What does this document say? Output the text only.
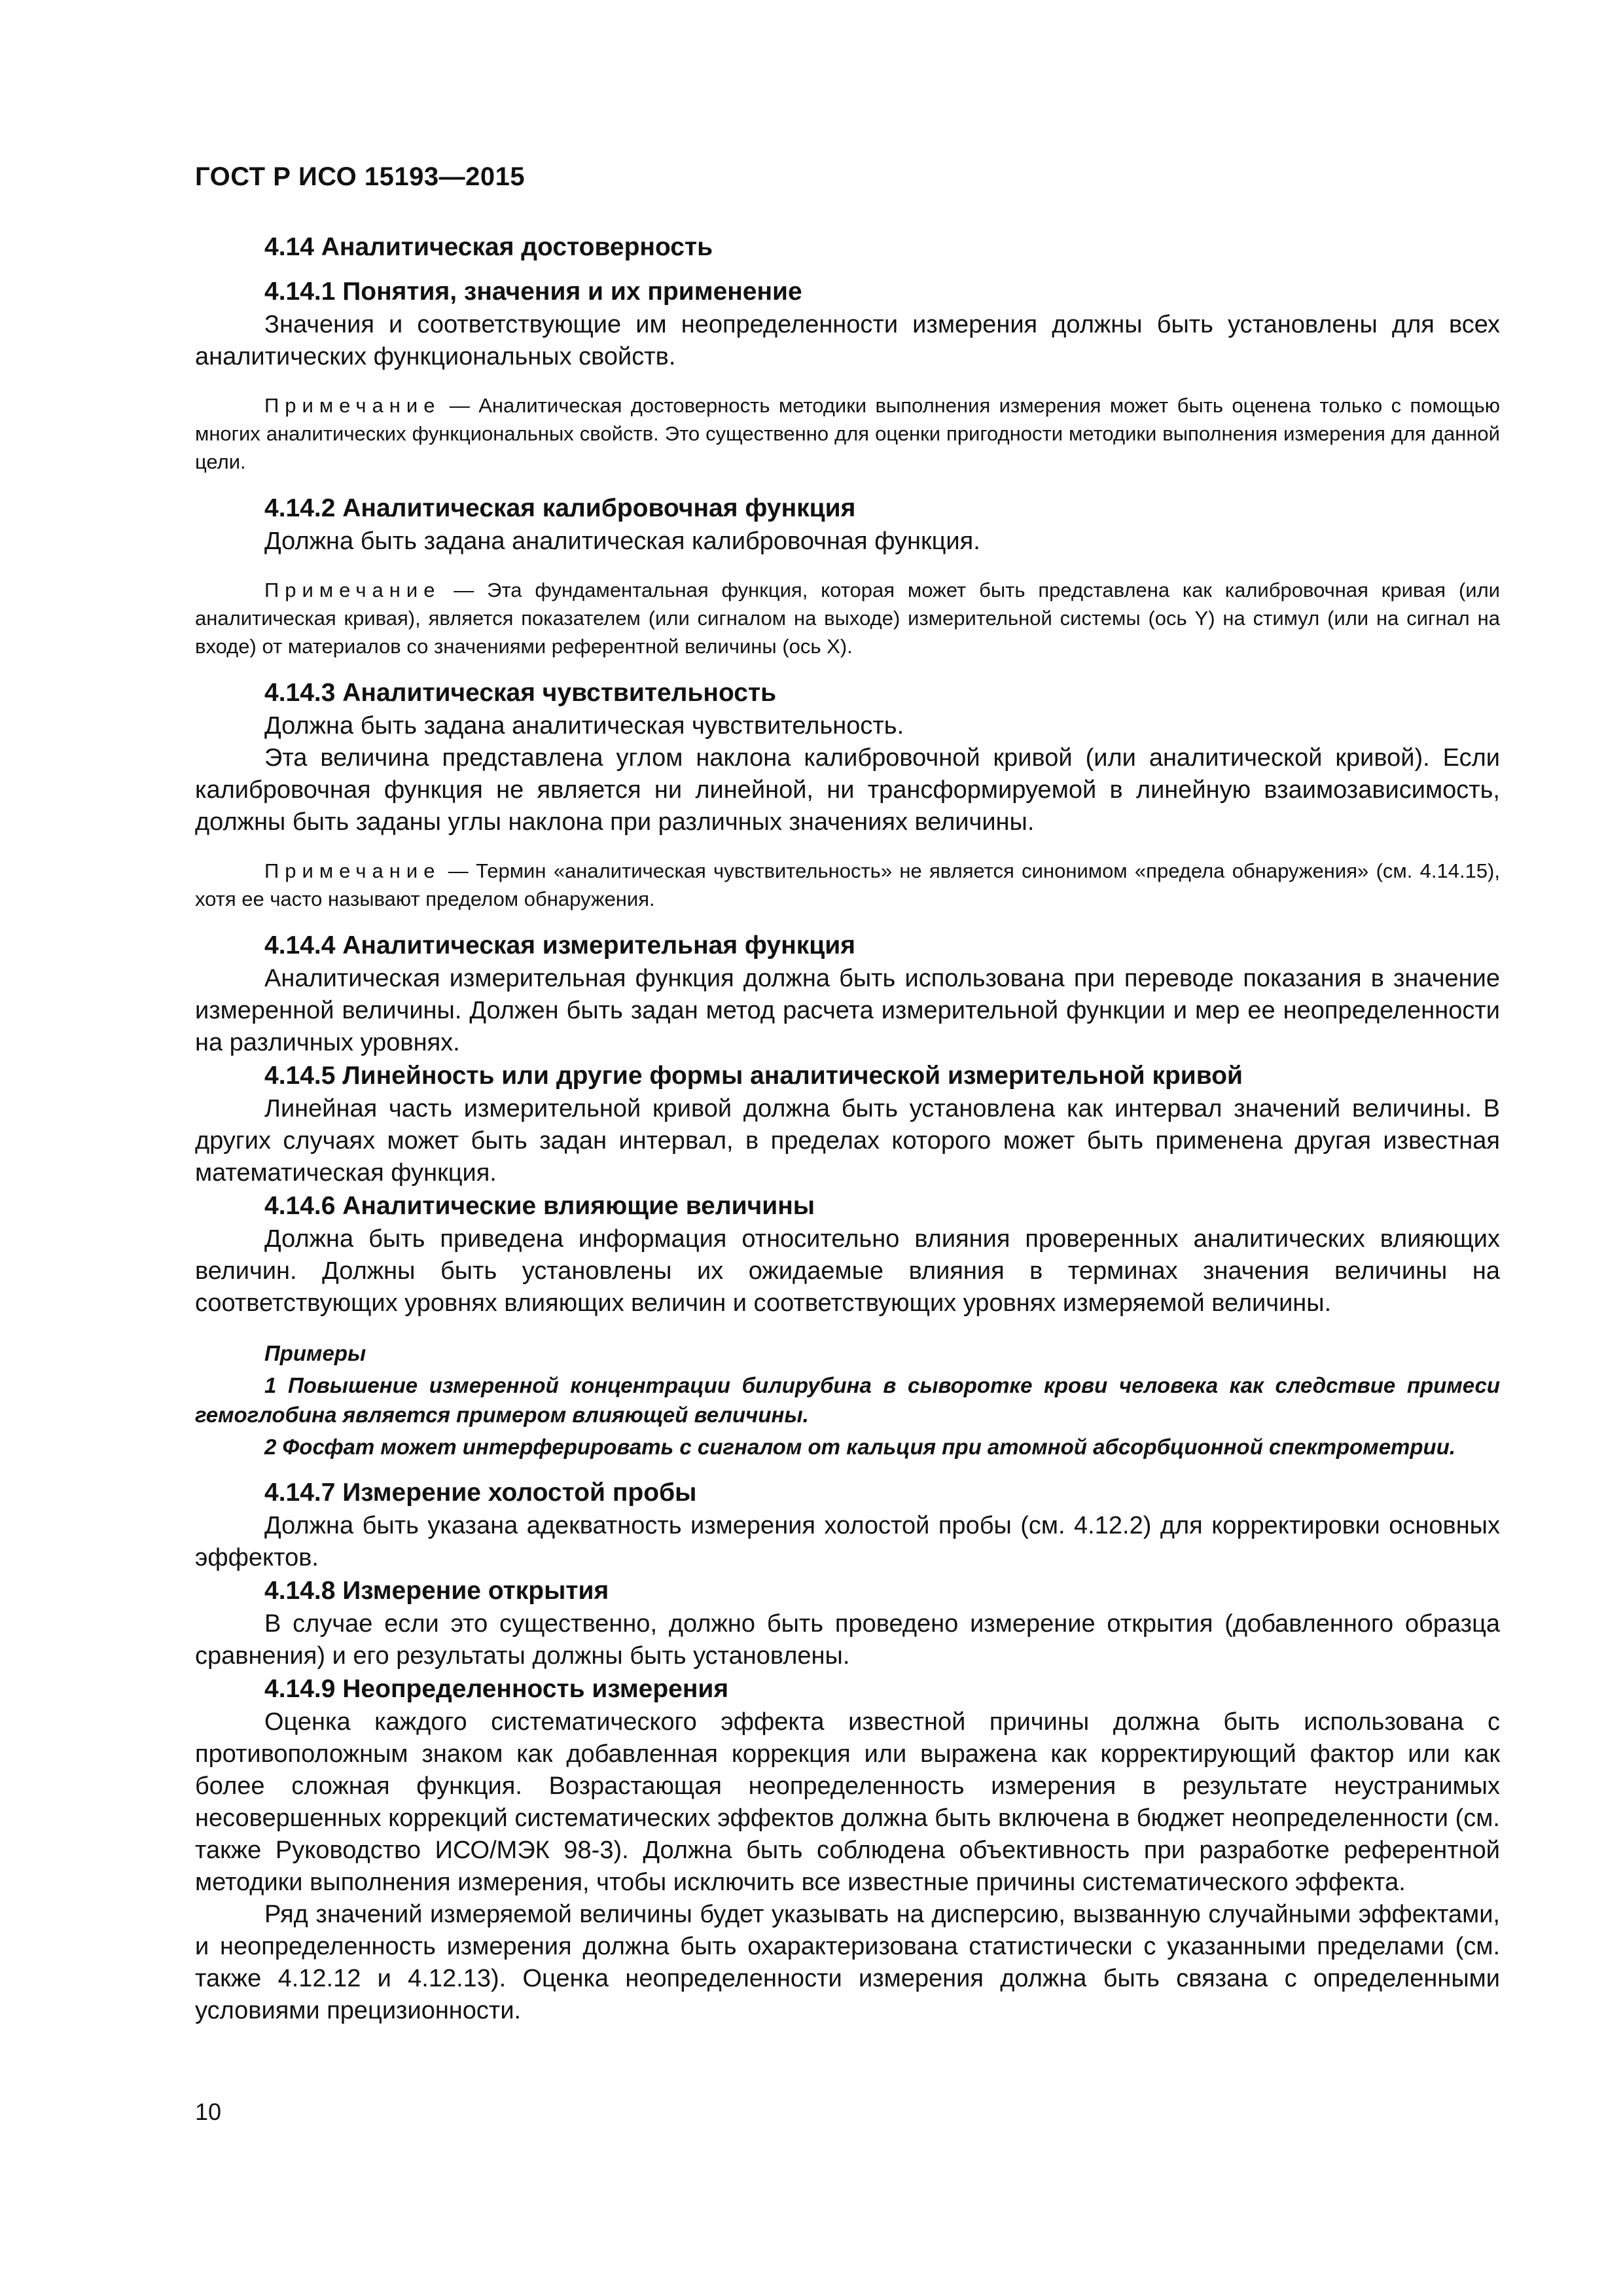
ГОСТ Р ИСО 15193—2015
4.14 Аналитическая достоверность
4.14.1 Понятия, значения и их применение

Значения и соответствующие им неопределенности измерения должны быть установлены для всех аналитических функциональных свойств.

Примечание — Аналитическая достоверность методики выполнения измерения может быть оценена только с помощью многих аналитических функциональных свойств. Это существенно для оценки пригодности методики выполнения измерения для данной цели.

4.14.2 Аналитическая калибровочная функция

Должна быть задана аналитическая калибровочная функция.

Примечание — Эта фундаментальная функция, которая может быть представлена как калибровочная кривая (или аналитическая кривая), является показателем (или сигналом на выходе) измерительной системы (ось Y) на стимул (или на сигнал на входе) от материалов со значениями референтной величины (ось X).

4.14.3 Аналитическая чувствительность

Должна быть задана аналитическая чувствительность.

Эта величина представлена углом наклона калибровочной кривой (или аналитической кривой). Если калибровочная функция не является ни линейной, ни трансформируемой в линейную взаимозависимость, должны быть заданы углы наклона при различных значениях величины.

Примечание — Термин «аналитическая чувствительность» не является синонимом «предела обнаружения» (см. 4.14.15), хотя ее часто называют пределом обнаружения.

4.14.4 Аналитическая измерительная функция

Аналитическая измерительная функция должна быть использована при переводе показания в значение измеренной величины. Должен быть задан метод расчета измерительной функции и мер ее неопределенности на различных уровнях.

4.14.5 Линейность или другие формы аналитической измерительной кривой

Линейная часть измерительной кривой должна быть установлена как интервал значений величины. В других случаях может быть задан интервал, в пределах которого может быть применена другая известная математическая функция.

4.14.6 Аналитические влияющие величины

Должна быть приведена информация относительно влияния проверенных аналитических влияющих величин. Должны быть установлены их ожидаемые влияния в терминах значения величины на соответствующих уровнях влияющих величин и соответствующих уровнях измеряемой величины.

Примеры

1 Повышение измеренной концентрации билирубина в сыворотке крови человека как следствие примеси гемоглобина является примером влияющей величины.

2 Фосфат может интерферировать с сигналом от кальция при атомной абсорбционной спектрометрии.

4.14.7 Измерение холостой пробы

Должна быть указана адекватность измерения холостой пробы (см. 4.12.2) для корректировки основных эффектов.

4.14.8 Измерение открытия

В случае если это существенно, должно быть проведено измерение открытия (добавленного образца сравнения) и его результаты должны быть установлены.

4.14.9 Неопределенность измерения

Оценка каждого систематического эффекта известной причины должна быть использована с противоположным знаком как добавленная коррекция или выражена как корректирующий фактор или как более сложная функция. Возрастающая неопределенность измерения в результате неустранимых несовершенных коррекций систематических эффектов должна быть включена в бюджет неопределенности (см. также Руководство ИСО/МЭК 98-3). Должна быть соблюдена объективность при разработке референтной методики выполнения измерения, чтобы исключить все известные причины систематического эффекта.

Ряд значений измеряемой величины будет указывать на дисперсию, вызванную случайными эффектами, и неопределенность измерения должна быть охарактеризована статистически с указанными пределами (см. также 4.12.12 и 4.12.13). Оценка неопределенности измерения должна быть связана с определенными условиями прецизионности.

10
